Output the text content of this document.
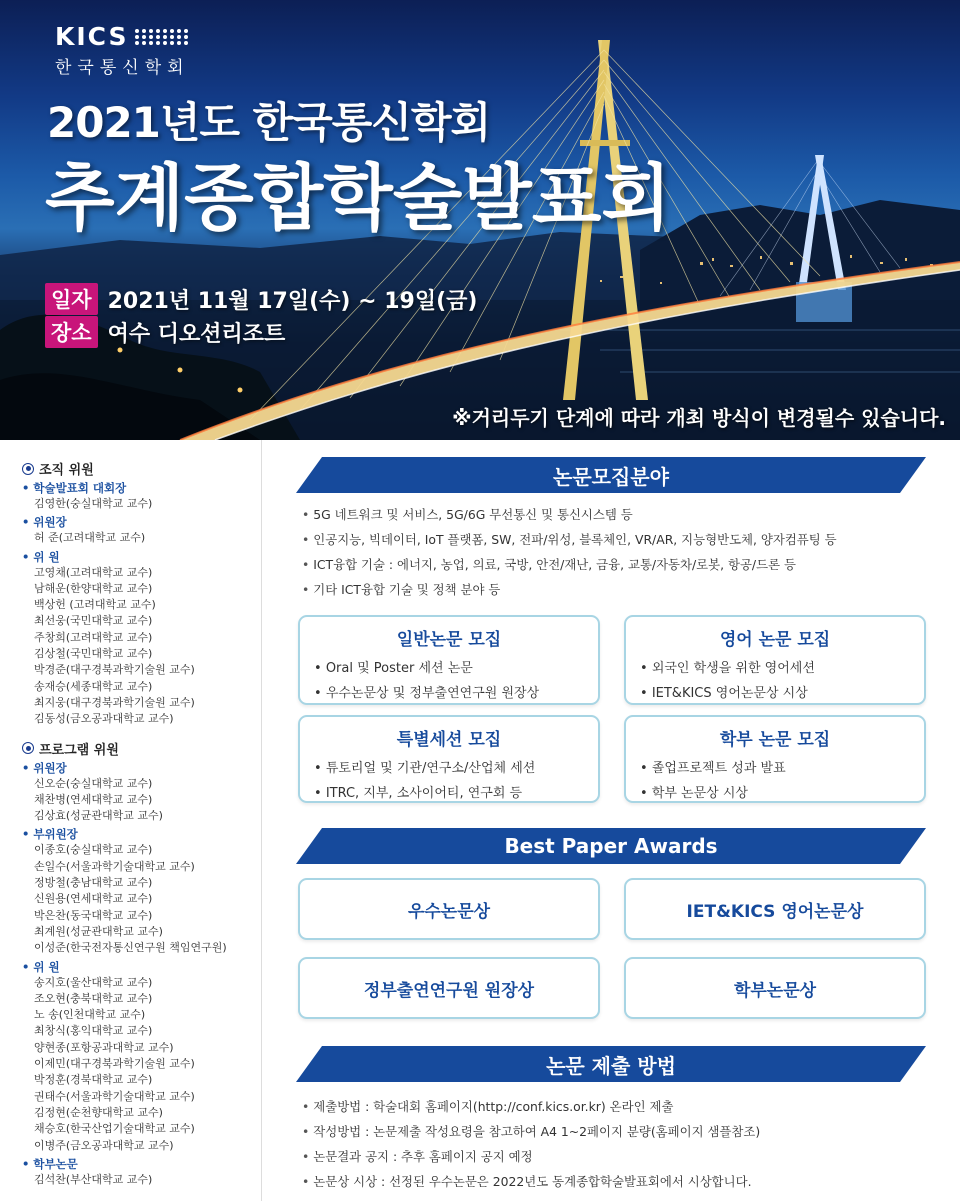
KICS
한국통신학회
2021년도 한국통신학회
추계종합학술발표회
일자 2021년 11월 17일(수) ~ 19일(금)
장소 여수 디오션리조트
※거리두기 단계에 따라 개최 방식이 변경될수 있습니다.
조직 위원
• 학술발표회 대회장
김영한(숭실대학교 교수)
• 위원장
허 준(고려대학교 교수)
• 위 원
고영채(고려대학교 교수)
남해운(한양대학교 교수)
백상헌 (고려대학교 교수)
최선웅(국민대학교 교수)
주창희(고려대학교 교수)
김상철(국민대학교 교수)
박경준(대구경북과학기술원 교수)
송재승(세종대학교 교수)
최지웅(대구경북과학기술원 교수)
김동성(금오공과대학교 교수)
프로그램 위원
• 위원장
신오순(숭실대학교 교수)
채찬병(연세대학교 교수)
김상효(성균관대학교 교수)
• 부위원장
이종호(숭실대학교 교수)
손일수(서울과학기술대학교 교수)
정방철(충남대학교 교수)
신원용(연세대학교 교수)
박은찬(동국대학교 교수)
최계원(성균관대학교 교수)
이성준(한국전자통신연구원 책임연구원)
• 위 원
송지호(울산대학교 교수)
조오현(충북대학교 교수)
노 송(인천대학교 교수)
최창식(홍익대학교 교수)
양현종(포항공과대학교 교수)
이제민(대구경북과학기술원 교수)
박정훈(경북대학교 교수)
권태수(서울과학기술대학교 교수)
김정현(순천향대학교 교수)
채승호(한국산업기술대학교 교수)
이병주(금오공과대학교 교수)
• 학부논문
김석찬(부산대학교 교수)
논문모집분야
• 5G 네트워크 및 서비스, 5G/6G 무선통신 및 통신시스템 등
• 인공지능, 빅데이터, IoT 플랫폼, SW, 전파/위성, 블록체인, VR/AR, 지능형반도체, 양자컴퓨팅 등
• ICT융합 기술 : 에너지, 농업, 의료, 국방, 안전/재난, 금융, 교통/자동차/로봇, 항공/드론 등
• 기타 ICT융합 기술 및 정책 분야 등
일반논문 모집
• Oral 및 Poster 세션 논문
• 우수논문상 및 정부출연연구원 원장상
영어 논문 모집
• 외국인 학생을 위한 영어세션
• IET&KICS 영어논문상 시상
특별세션 모집
• 튜토리얼 및 기관/연구소/산업체 세션
• ITRC, 지부, 소사이어티, 연구회 등
학부 논문 모집
• 졸업프로젝트 성과 발표
• 학부 논문상 시상
Best Paper Awards
우수논문상	IET&KICS 영어논문상
정부출연연구원 원장상	학부논문상
논문 제출 방법
• 제출방법 : 학술대회 홈페이지(http://conf.kics.or.kr) 온라인 제출
• 작성방법 : 논문제출 작성요령을 참고하여 A4 1~2페이지 분량(홈페이지 샘플참조)
• 논문결과 공지 : 추후 홈페이지 공지 예정
• 논문상 시상 : 선정된 우수논문은 2022년도 동계종합학술발표회에서 시상합니다.
